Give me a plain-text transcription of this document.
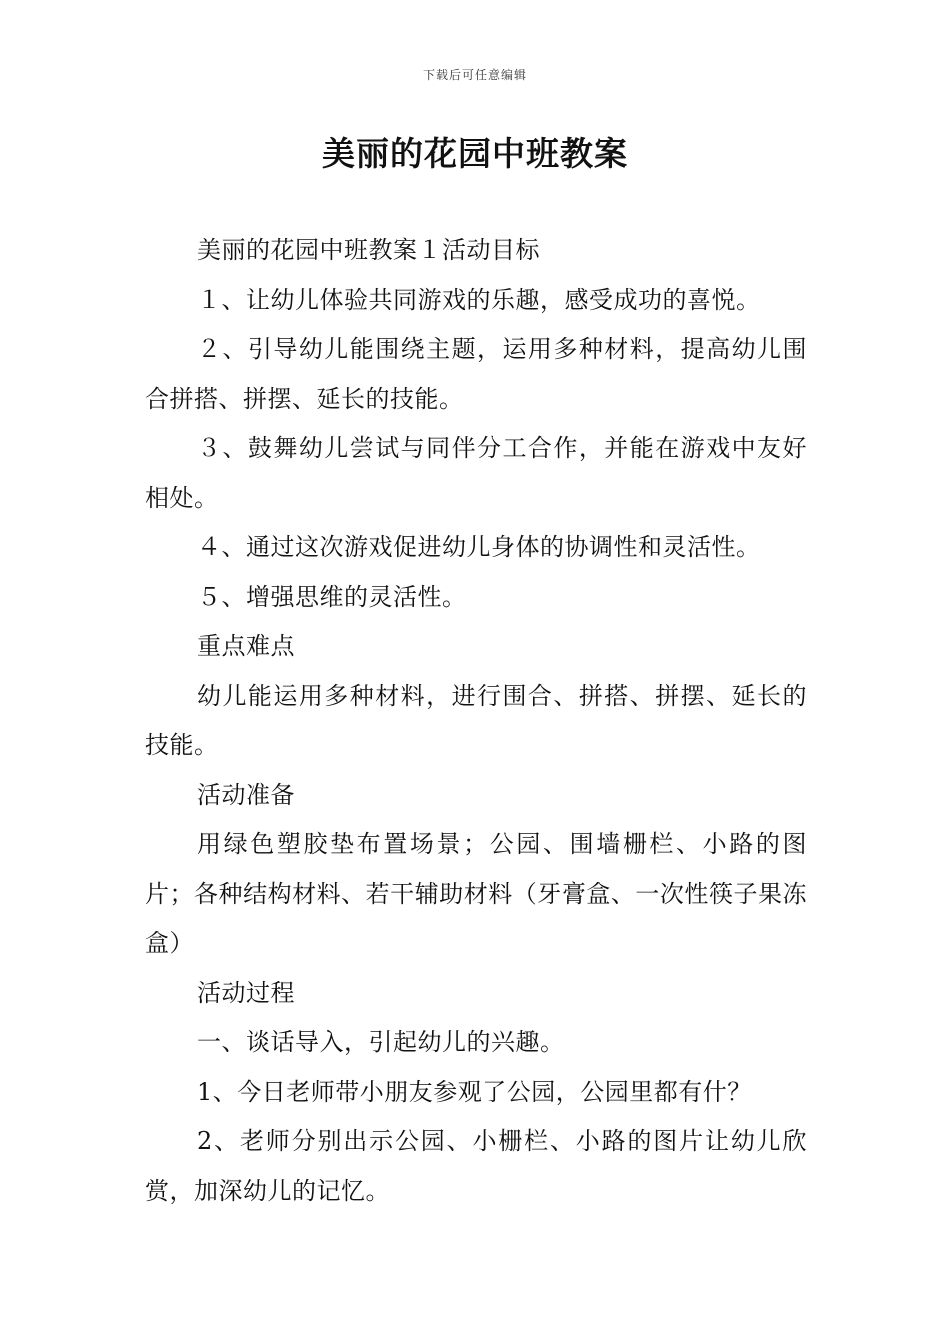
下载后可任意编辑
美丽的花园中班教案

美丽的花园中班教案１活动目标

１、让幼儿体验共同游戏的乐趣，感受成功的喜悦。

２、引导幼儿能围绕主题，运用多种材料，提高幼儿围合拼搭、拼摆、延长的技能。

３、鼓舞幼儿尝试与同伴分工合作，并能在游戏中友好相处。

４、通过这次游戏促进幼儿身体的协调性和灵活性。

５、增强思维的灵活性。

重点难点

幼儿能运用多种材料，进行围合、拼搭、拼摆、延长的技能。

活动准备

用绿色塑胶垫布置场景；公园、围墙栅栏、小路的图片；各种结构材料、若干辅助材料（牙膏盒、一次性筷子果冻盒）

活动过程

一、谈话导入，引起幼儿的兴趣。

1、今日老师带小朋友参观了公园，公园里都有什？

2、老师分别出示公园、小栅栏、小路的图片让幼儿欣赏，加深幼儿的记忆。
